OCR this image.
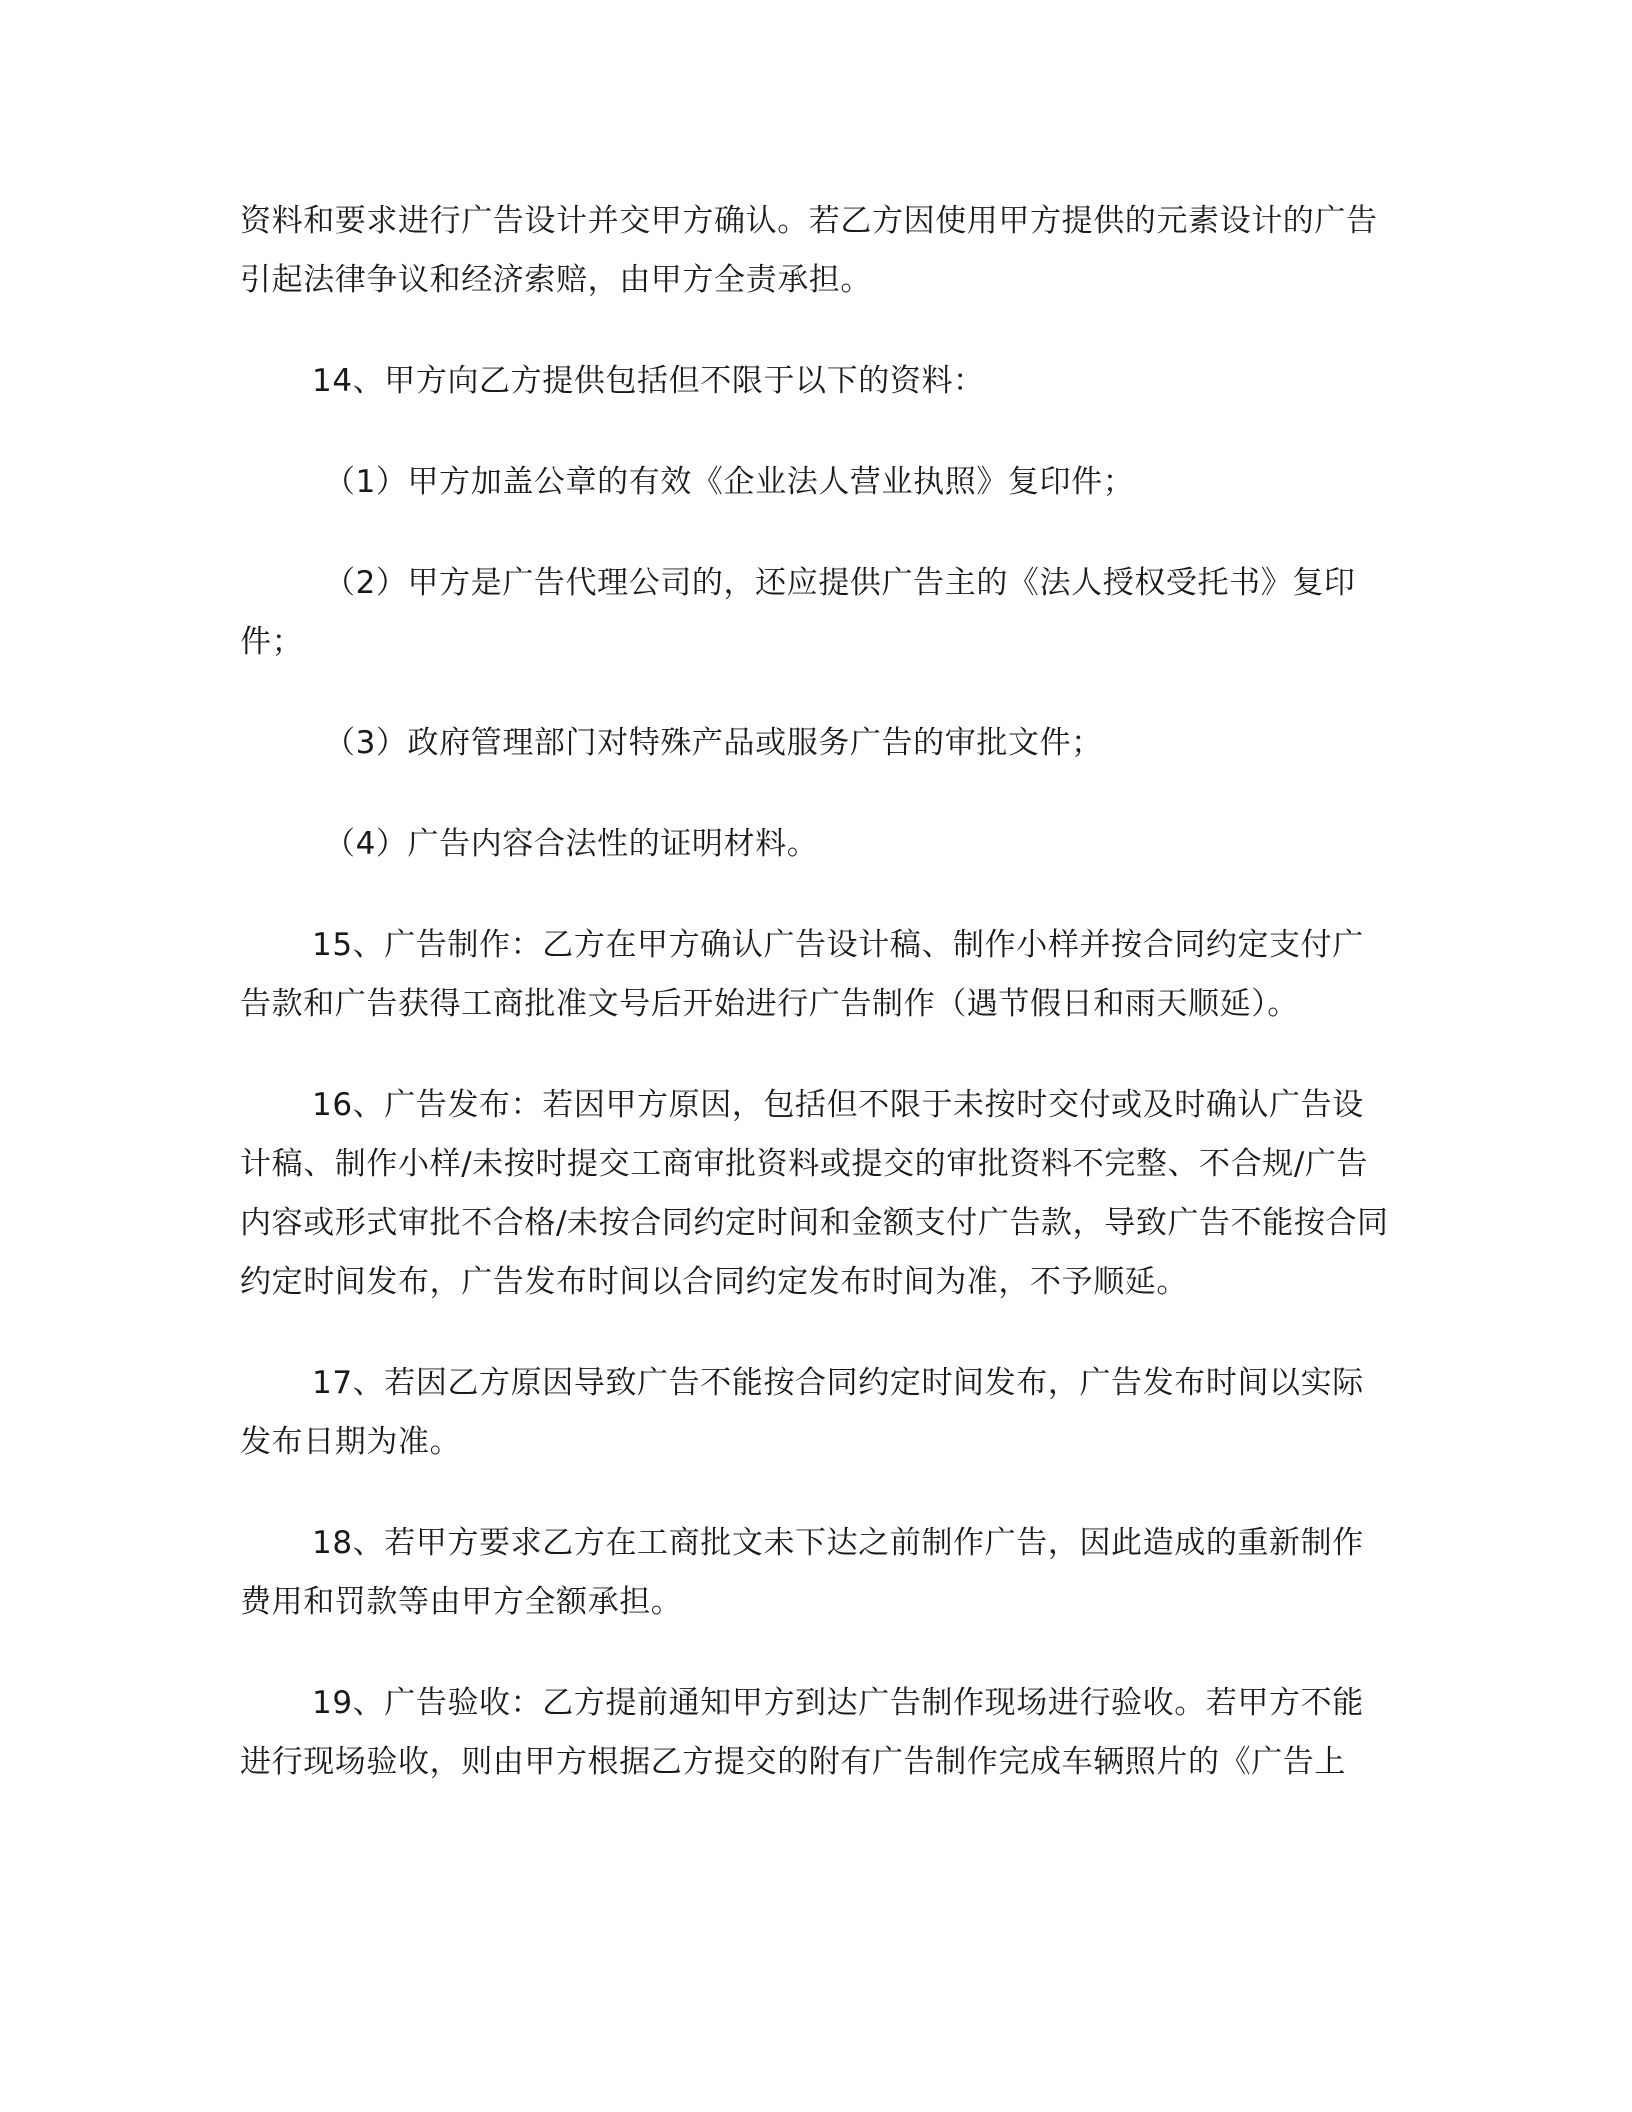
资料和要求进行广告设计并交甲方确认。若乙方因使用甲方提供的元素设计的广告引起法律争议和经济索赔，由甲方全责承担。

14、甲方向乙方提供包括但不限于以下的资料：

（1）甲方加盖公章的有效《企业法人营业执照》复印件；

（2）甲方是广告代理公司的，还应提供广告主的《法人授权受托书》复印件；

（3）政府管理部门对特殊产品或服务广告的审批文件；

（4）广告内容合法性的证明材料。

15、广告制作：乙方在甲方确认广告设计稿、制作小样并按合同约定支付广告款和广告获得工商批准文号后开始进行广告制作（遇节假日和雨天顺延）。

16、广告发布：若因甲方原因，包括但不限于未按时交付或及时确认广告设计稿、制作小样/未按时提交工商审批资料或提交的审批资料不完整、不合规/广告内容或形式审批不合格/未按合同约定时间和金额支付广告款，导致广告不能按合同约定时间发布，广告发布时间以合同约定发布时间为准，不予顺延。

17、若因乙方原因导致广告不能按合同约定时间发布，广告发布时间以实际发布日期为准。

18、若甲方要求乙方在工商批文未下达之前制作广告，因此造成的重新制作费用和罚款等由甲方全额承担。

19、广告验收：乙方提前通知甲方到达广告制作现场进行验收。若甲方不能进行现场验收，则由甲方根据乙方提交的附有广告制作完成车辆照片的《广告上
